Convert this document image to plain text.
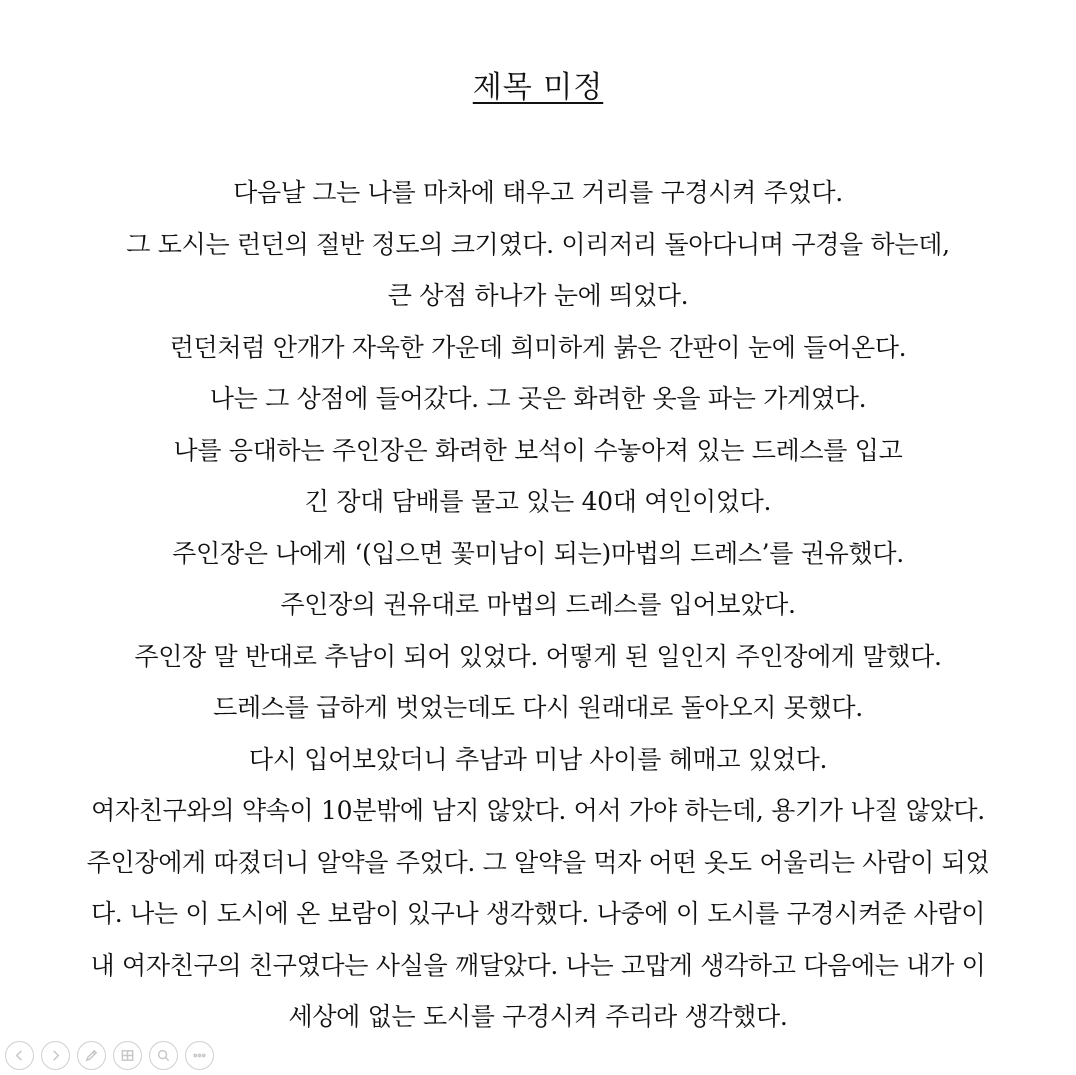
제목 미정
다음날 그는 나를 마차에 태우고 거리를 구경시켜 주었다.
그 도시는 런던의 절반 정도의 크기였다. 이리저리 돌아다니며 구경을 하는데,
큰 상점 하나가 눈에 띄었다.
런던처럼 안개가 자욱한 가운데 희미하게 붉은 간판이 눈에 들어온다.
나는 그 상점에 들어갔다. 그 곳은 화려한 옷을 파는 가게였다.
나를 응대하는 주인장은 화려한 보석이 수놓아져 있는 드레스를 입고
긴 장대 담배를 물고 있는 40대 여인이었다.
주인장은 나에게 ‘(입으면 꽃미남이 되는)마법의 드레스’를 권유했다.
주인장의 권유대로 마법의 드레스를 입어보았다.
주인장 말 반대로 추남이 되어 있었다. 어떻게 된 일인지 주인장에게 말했다.
드레스를 급하게 벗었는데도 다시 원래대로 돌아오지 못했다.
다시 입어보았더니 추남과 미남 사이를 헤매고 있었다.
여자친구와의 약속이 10분밖에 남지 않았다. 어서 가야 하는데, 용기가 나질 않았다.
주인장에게 따졌더니 알약을 주었다. 그 알약을 먹자 어떤 옷도 어울리는 사람이 되었
다. 나는 이 도시에 온 보람이 있구나 생각했다. 나중에 이 도시를 구경시켜준 사람이
내 여자친구의 친구였다는 사실을 깨달았다. 나는 고맙게 생각하고 다음에는 내가 이
세상에 없는 도시를 구경시켜 주리라 생각했다.
